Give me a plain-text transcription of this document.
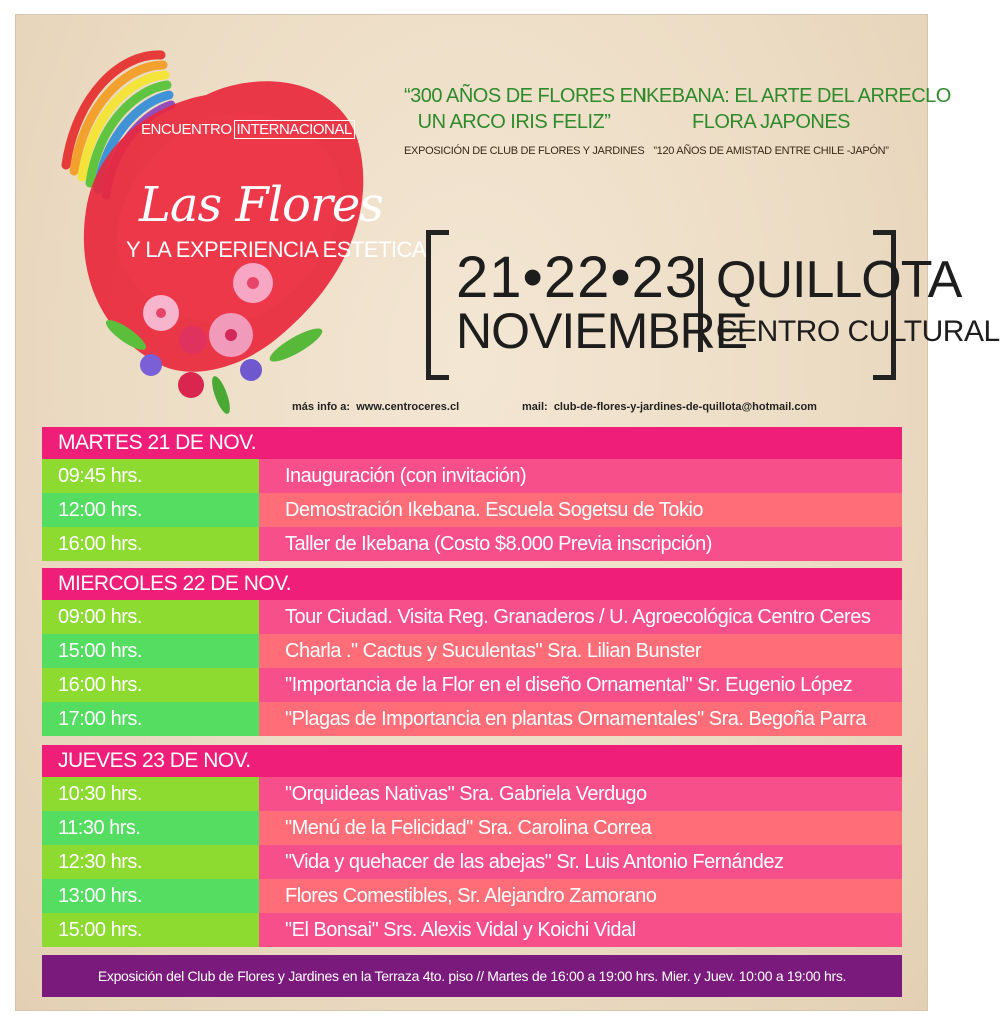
ENCUENTRO INTERNACIONAL
Las Flores
Y LA EXPERIENCIA ESTETICA
“300 AÑOS DE FLORES EN
UN ARCO IRIS FELIZ”
EXPOSICIÓN DE CLUB DE FLORES Y JARDINES
IKEBANA: EL ARTE DEL ARRECLO
FLORA JAPONES
”120 AÑOS DE AMISTAD ENTRE CHILE -JAPÓN”
21•22•23
NOVIEMBRE
QUILLOTA
CENTRO CULTURAL
más info a: www.centroceres.cl	mail: club-de-flores-y-jardines-de-quillota@hotmail.com
MARTES 21 DE NOV.
09:45 hrs.	Inauguración (con invitación)
12:00 hrs.	Demostración Ikebana. Escuela Sogetsu de Tokio
16:00 hrs.	Taller de Ikebana (Costo $8.000 Previa inscripción)
MIERCOLES 22 DE NOV.
09:00 hrs.	Tour Ciudad. Visita Reg. Granaderos / U. Agroecológica Centro Ceres
15:00 hrs.	Charla ." Cactus y Suculentas" Sra. Lilian Bunster
16:00 hrs.	"Importancia de la Flor en el diseño Ornamental" Sr. Eugenio López
17:00 hrs.	"Plagas de Importancia en plantas Ornamentales" Sra. Begoña Parra
JUEVES 23 DE NOV.
10:30 hrs.	"Orquideas Nativas" Sra. Gabriela Verdugo
11:30 hrs.	"Menú de la Felicidad" Sra. Carolina Correa
12:30 hrs.	"Vida y quehacer de las abejas" Sr. Luis Antonio Fernández
13:00 hrs.	Flores Comestibles, Sr. Alejandro Zamorano
15:00 hrs.	"El Bonsai" Srs. Alexis Vidal y Koichi Vidal
Exposición del Club de Flores y Jardines en la Terraza 4to. piso // Martes de 16:00 a 19:00 hrs. Mier. y Juev. 10:00 a 19:00 hrs.
